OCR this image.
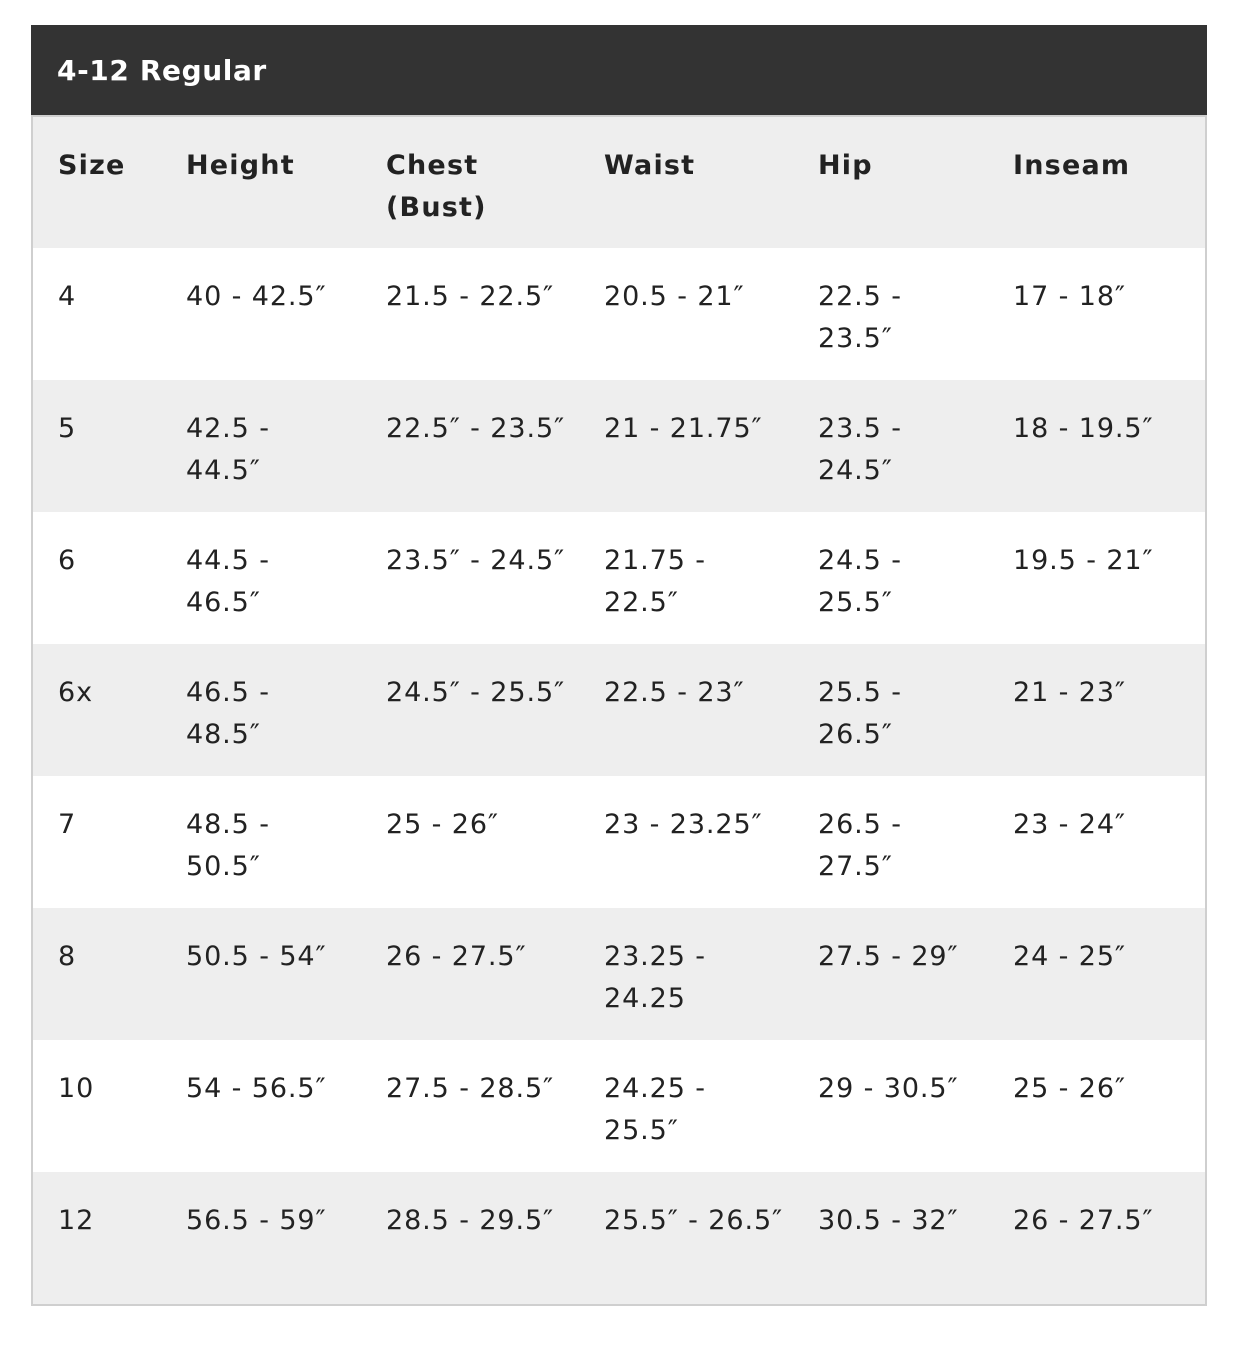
4-12 Regular
Size	Height	Chest (Bust)	Waist	Hip	Inseam
4	40 - 42.5″	21.5 - 22.5″	20.5 - 21″	22.5 - 23.5″	17 - 18″
5	42.5 - 44.5″	22.5″ - 23.5″	21 - 21.75″	23.5 - 24.5″	18 - 19.5″
6	44.5 - 46.5″	23.5″ - 24.5″	21.75 - 22.5″	24.5 - 25.5″	19.5 - 21″
6x	46.5 - 48.5″	24.5″ - 25.5″	22.5 - 23″	25.5 - 26.5″	21 - 23″
7	48.5 - 50.5″	25 - 26″	23 - 23.25″	26.5 - 27.5″	23 - 24″
8	50.5 - 54″	26 - 27.5″	23.25 - 24.25	27.5 - 29″	24 - 25″
10	54 - 56.5″	27.5 - 28.5″	24.25 - 25.5″	29 - 30.5″	25 - 26″
12	56.5 - 59″	28.5 - 29.5″	25.5″ - 26.5″	30.5 - 32″	26 - 27.5″
